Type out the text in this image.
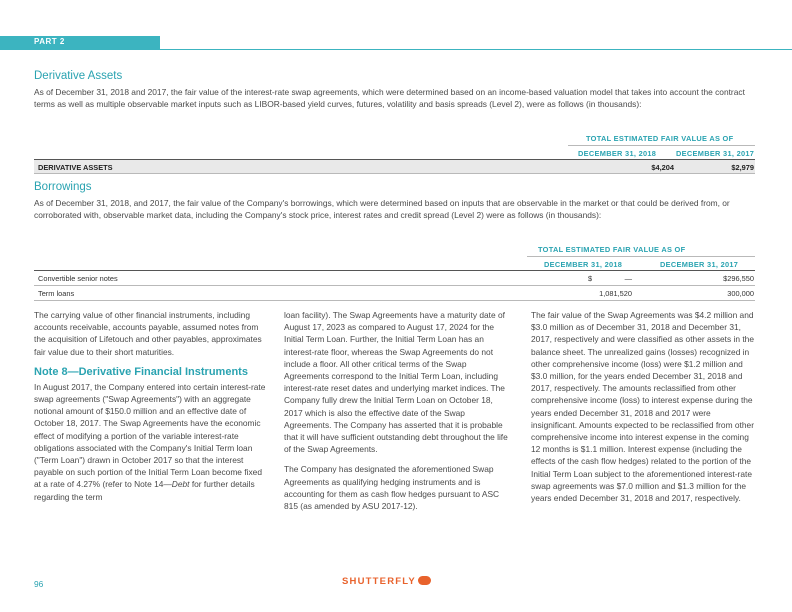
PART 2
Derivative Assets

As of December 31, 2018 and 2017, the fair value of the interest-rate swap agreements, which were determined based on an income-based valuation model that takes into account the contract terms as well as multiple observable market inputs such as LIBOR-based yield curves, futures, volatility and basis spreads (Level 2), were as follows (in thousands):

TOTAL ESTIMATED FAIR VALUE AS OF
DECEMBER 31, 2018	DECEMBER 31, 2017
DERIVATIVE ASSETS	$4,204	$2,979
Borrowings

As of December 31, 2018, and 2017, the fair value of the Company's borrowings, which were determined based on inputs that are observable in the market or that could be derived from, or corroborated with, observable market data, including the Company's stock price, interest rates and credit spread (Level 2) were as follows (in thousands):

TOTAL ESTIMATED FAIR VALUE AS OF
DECEMBER 31, 2018	DECEMBER 31, 2017
Convertible senior notes	$	—	$296,550
Term loans	1,081,520	300,000

The carrying value of other financial instruments, including accounts receivable, accounts payable, assumed notes from the acquisition of Lifetouch and other payables, approximates fair value due to their short maturities.

Note 8—Derivative Financial Instruments

In August 2017, the Company entered into certain interest-rate swap agreements ("Swap Agreements") with an aggregate notional amount of $150.0 million and an effective date of October 18, 2017. The Swap Agreements have the economic effect of modifying a portion of the variable interest-rate obligations associated with the Company's Initial Term loan ("Term Loan") drawn in October 2017 so that the interest payable on such portion of the Initial Term Loan become fixed at a rate of 4.27% (refer to Note 14—Debt for further details regarding the term

loan facility). The Swap Agreements have a maturity date of August 17, 2023 as compared to August 17, 2024 for the Initial Term Loan. Further, the Initial Term Loan has an interest-rate floor, whereas the Swap Agreements do not include a floor. All other critical terms of the Swap Agreements correspond to the Initial Term Loan, including interest-rate reset dates and underlying market indices. The Company fully drew the Initial Term Loan on October 18, 2017 which is also the effective date of the Swap Agreements. The Company has asserted that it is probable that it will have sufficient outstanding debt throughout the life of the Swap Agreements.

The Company has designated the aforementioned Swap Agreements as qualifying hedging instruments and is accounting for them as cash flow hedges pursuant to ASC 815 (as amended by ASU 2017-12).

The fair value of the Swap Agreements was $4.2 million and $3.0 million as of December 31, 2018 and December 31, 2017, respectively and were classified as other assets in the balance sheet. The unrealized gains (losses) recognized in other comprehensive income (loss) were $1.2 million and $3.0 million, for the years ended December 31, 2018 and 2017, respectively. The amounts reclassified from other comprehensive income (loss) to interest expense during the years ended December 31, 2018 and 2017 were insignificant. Amounts expected to be reclassified from other comprehensive income into interest expense in the coming 12 months is $1.1 million. Interest expense (including the effects of the cash flow hedges) related to the portion of the Initial Term Loan subject to the aforementioned interest-rate swap agreements was $7.0 million and $1.3 million for the years ended December 31, 2018 and 2017, respectively.

96	SHUTTERFLY
